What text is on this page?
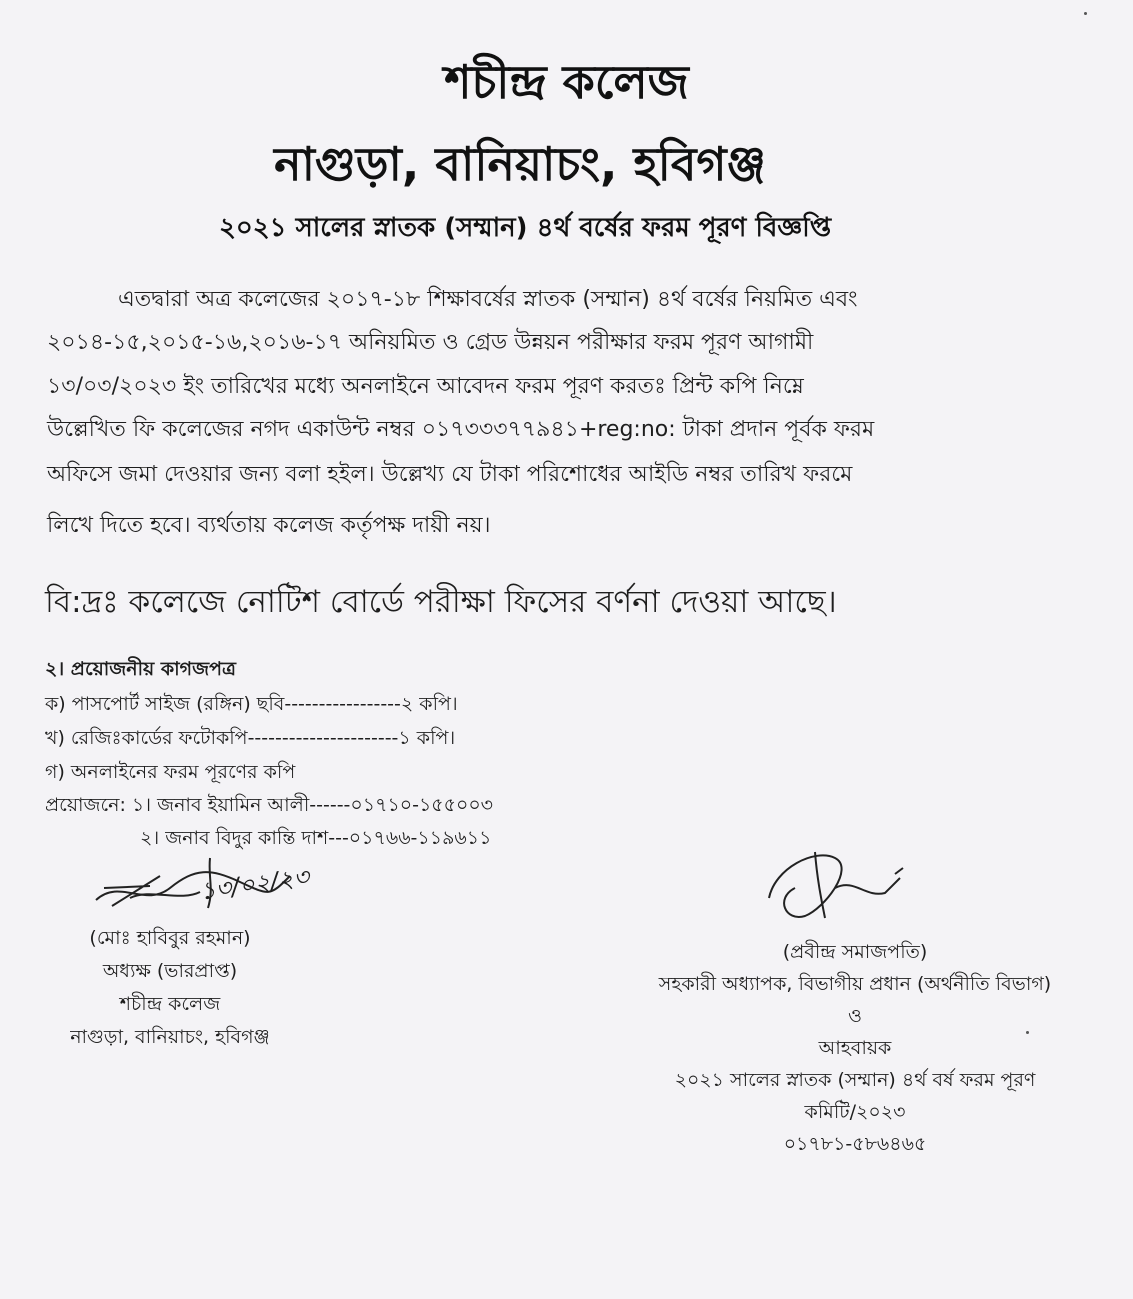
শচীন্দ্র কলেজ
নাগুড়া, বানিয়াচং, হবিগঞ্জ
২০২১ সালের স্নাতক (সম্মান) ৪র্থ বর্ষের ফরম পূরণ বিজ্ঞপ্তি
এতদ্বারা অত্র কলেজের ২০১৭-১৮ শিক্ষাবর্ষের স্নাতক (সম্মান) ৪র্থ বর্ষের নিয়মিত এবং
২০১৪-১৫,২০১৫-১৬,২০১৬-১৭ অনিয়মিত ও গ্রেড উন্নয়ন পরীক্ষার ফরম পূরণ আগামী
১৩/০৩/২০২৩ ইং তারিখের মধ্যে অনলাইনে আবেদন ফরম পূরণ করতঃ প্রিন্ট কপি নিম্নে
উল্লেখিত ফি কলেজের নগদ একাউন্ট নম্বর ০১৭৩৩৩৭৭৯৪১+reg:no: টাকা প্রদান পূর্বক ফরম
অফিসে জমা দেওয়ার জন্য বলা হইল। উল্লেখ্য যে টাকা পরিশোধের আইডি নম্বর তারিখ ফরমে
লিখে দিতে হবে। ব্যর্থতায় কলেজ কর্তৃপক্ষ দায়ী নয়।
বি:দ্রঃ কলেজে নোটিশ বোর্ডে পরীক্ষা ফিসের বর্ণনা দেওয়া আছে।
২। প্রয়োজনীয় কাগজপত্র
ক) পাসপোর্ট সাইজ (রঙ্গিন) ছবি-----------------২ কপি।
খ) রেজিঃকার্ডের ফটোকপি----------------------১ কপি।
গ) অনলাইনের ফরম পূরণের কপি
প্রয়োজনে: ১। জনাব ইয়ামিন আলী------০১৭১০-১৫৫০০৩
২। জনাব বিদুর কান্তি দাশ---০১৭৬৬-১১৯৬১১
১৩/০২/২৩
(মোঃ হাবিবুর রহমান)
অধ্যক্ষ (ভারপ্রাপ্ত)
শচীন্দ্র কলেজ
নাগুড়া, বানিয়াচং, হবিগঞ্জ
(প্রবীন্দ্র সমাজপতি)
সহকারী অধ্যাপক, বিভাগীয় প্রধান (অর্থনীতি বিভাগ)
ও
আহবায়ক
২০২১ সালের স্নাতক (সম্মান) ৪র্থ বর্ষ ফরম পূরণ
কমিটি/২০২৩
০১৭৮১-৫৮৬৪৬৫
